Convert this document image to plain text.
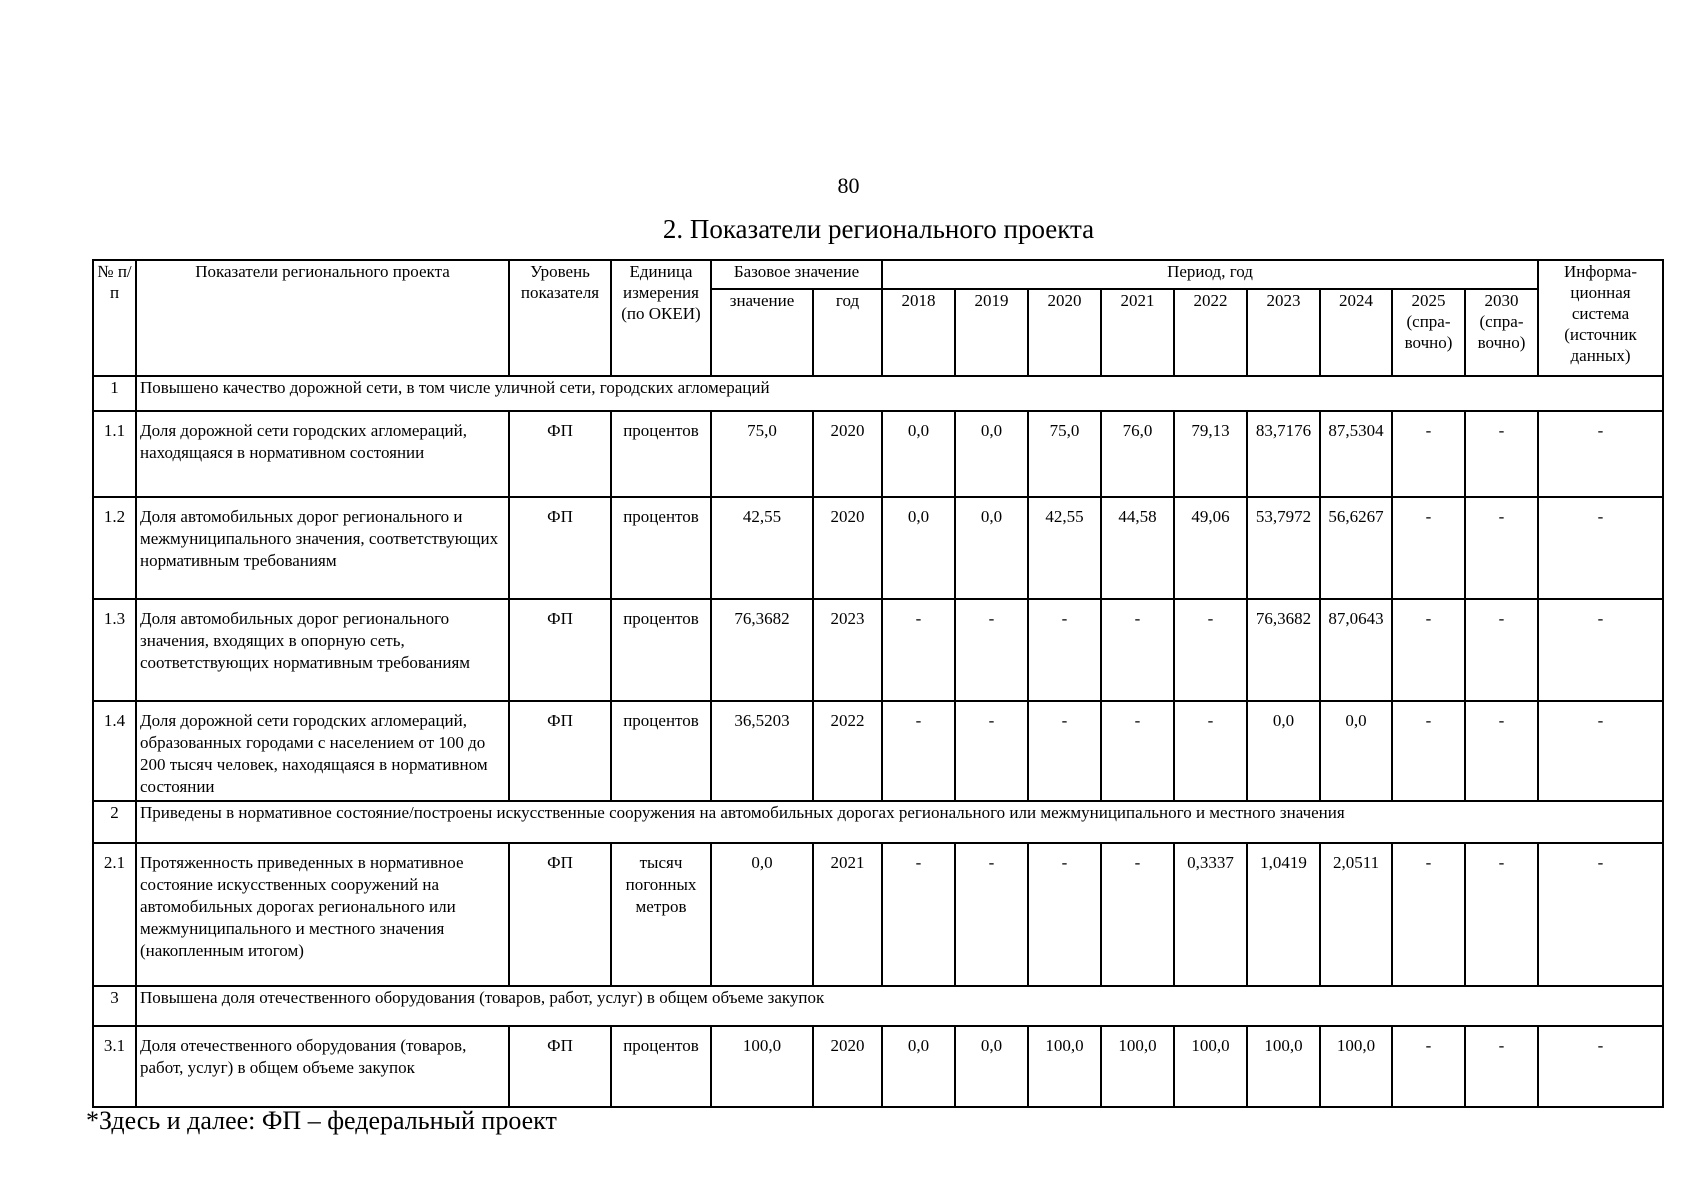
80
2. Показатели регионального проекта
№ п/п	Показатели регионального проекта	Уровень показателя	Единица измерения (по ОКЕИ)	Базовое значение		Период, год									Информа-ционная система (источник данных)
				значение	год	2018	2019	2020	2021	2022	2023	2024	2025 (спра-вочно)	2030 (спра-вочно)	
1	Повышено качество дорожной сети, в том числе уличной сети, городских агломераций														
1.1	Доля дорожной сети городских агломераций, находящаяся в нормативном состоянии	ФП	процентов	75,0	2020	0,0	0,0	75,0	76,0	79,13	83,7176	87,5304	-	-	-
1.2	Доля автомобильных дорог регионального и межмуниципального значения, соответствующих нормативным требованиям	ФП	процентов	42,55	2020	0,0	0,0	42,55	44,58	49,06	53,7972	56,6267	-	-	-
1.3	Доля автомобильных дорог регионального значения, входящих в опорную сеть, соответствующих нормативным требованиям	ФП	процентов	76,3682	2023	-	-	-	-	-	76,3682	87,0643	-	-	-
1.4	Доля дорожной сети городских агломераций, образованных городами с населением от 100 до 200 тысяч человек, находящаяся в нормативном состоянии	ФП	процентов	36,5203	2022	-	-	-	-	-	0,0	0,0	-	-	-
2	Приведены в нормативное состояние/построены искусственные сооружения на автомобильных дорогах регионального или межмуниципального и местного значения														
2.1	Протяженность приведенных в нормативное состояние искусственных сооружений на автомобильных дорогах регионального или межмуниципального и местного значения (накопленным итогом)	ФП	тысяч погонных метров	0,0	2021	-	-	-	-	0,3337	1,0419	2,0511	-	-	-
3	Повышена доля отечественного оборудования (товаров, работ, услуг) в общем объеме закупок														
3.1	Доля отечественного оборудования (товаров, работ, услуг) в общем объеме закупок	ФП	процентов	100,0	2020	0,0	0,0	100,0	100,0	100,0	100,0	100,0	-	-	-
*Здесь и далее: ФП – федеральный проект
